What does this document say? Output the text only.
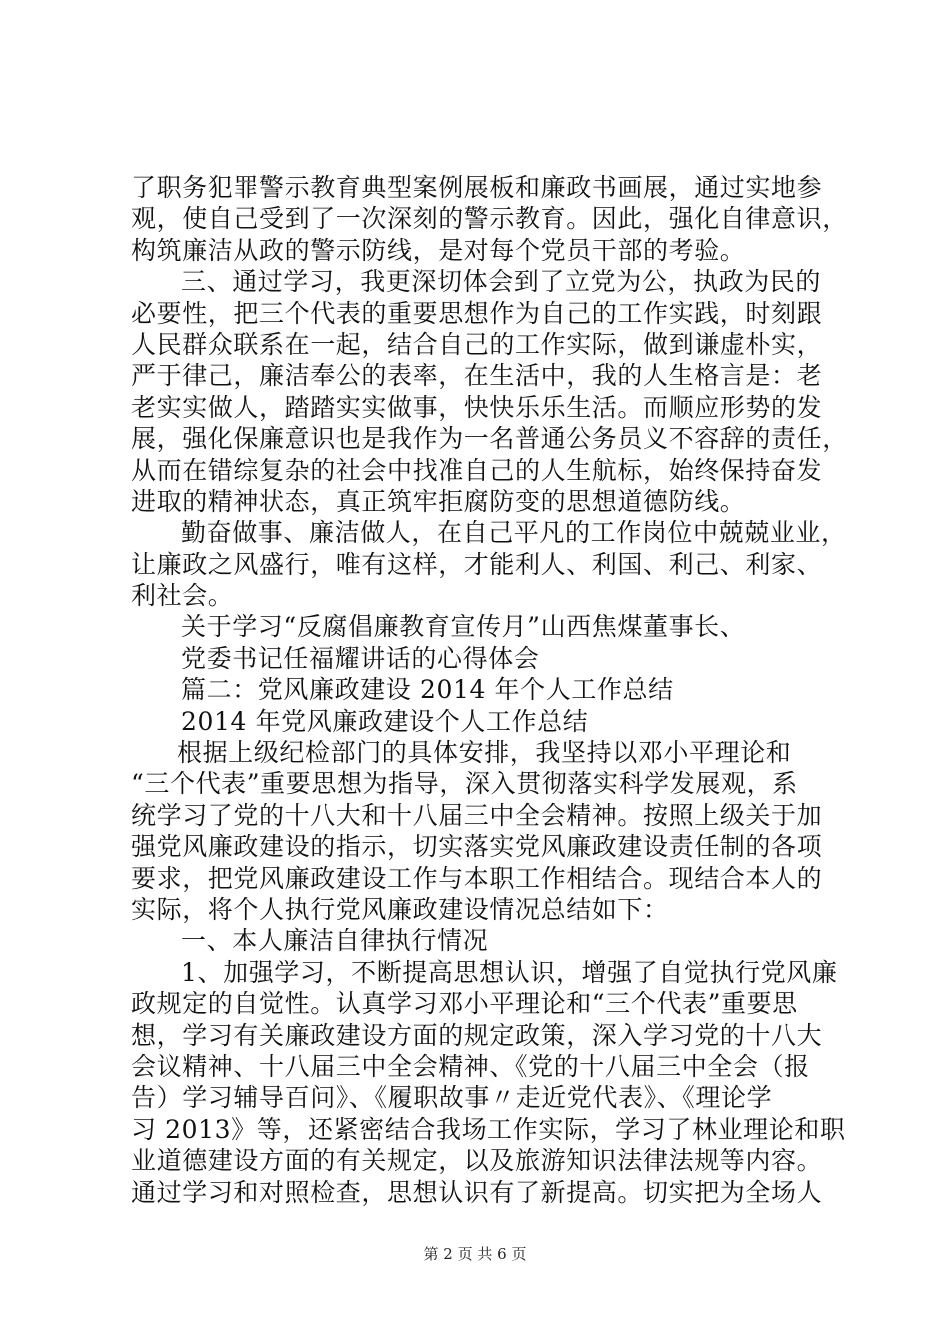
了职务犯罪警示教育典型案例展板和廉政书画展，通过实地参
观，使自己受到了一次深刻的警示教育。因此，强化自律意识，
构筑廉洁从政的警示防线，是对每个党员干部的考验。
三、通过学习，我更深切体会到了立党为公，执政为民的
必要性，把三个代表的重要思想作为自己的工作实践，时刻跟
人民群众联系在一起，结合自己的工作实际，做到谦虚朴实，
严于律己，廉洁奉公的表率，在生活中，我的人生格言是：老
老实实做人，踏踏实实做事，快快乐乐生活。而顺应形势的发
展，强化保廉意识也是我作为一名普通公务员义不容辞的责任，
从而在错综复杂的社会中找准自己的人生航标，始终保持奋发
进取的精神状态，真正筑牢拒腐防变的思想道德防线。
勤奋做事、廉洁做人，在自己平凡的工作岗位中兢兢业业，
让廉政之风盛行，唯有这样，才能利人、利国、利己、利家、
利社会。
关于学习“反腐倡廉教育宣传月”山西焦煤董事长、
党委书记任福耀讲话的心得体会
篇二：党风廉政建设 2014 年个人工作总结
2014 年党风廉政建设个人工作总结
根据上级纪检部门的具体安排，我坚持以邓小平理论和
“三个代表”重要思想为指导，深入贯彻落实科学发展观，系
统学习了党的十八大和十八届三中全会精神。按照上级关于加
强党风廉政建设的指示，切实落实党风廉政建设责任制的各项
要求，把党风廉政建设工作与本职工作相结合。现结合本人的
实际，将个人执行党风廉政建设情况总结如下：
一、本人廉洁自律执行情况
1、加强学习，不断提高思想认识，增强了自觉执行党风廉
政规定的自觉性。认真学习邓小平理论和“三个代表”重要思
想，学习有关廉政建设方面的规定政策，深入学习党的十八大
会议精神、十八届三中全会精神、《党的十八届三中全会（报
告）学习辅导百问》、《履职故事〃走近党代表》、《理论学
习 2013》等，还紧密结合我场工作实际，学习了林业理论和职
业道德建设方面的有关规定，以及旅游知识法律法规等内容。
通过学习和对照检查，思想认识有了新提高。切实把为全场人
第 2 页 共 6 页
